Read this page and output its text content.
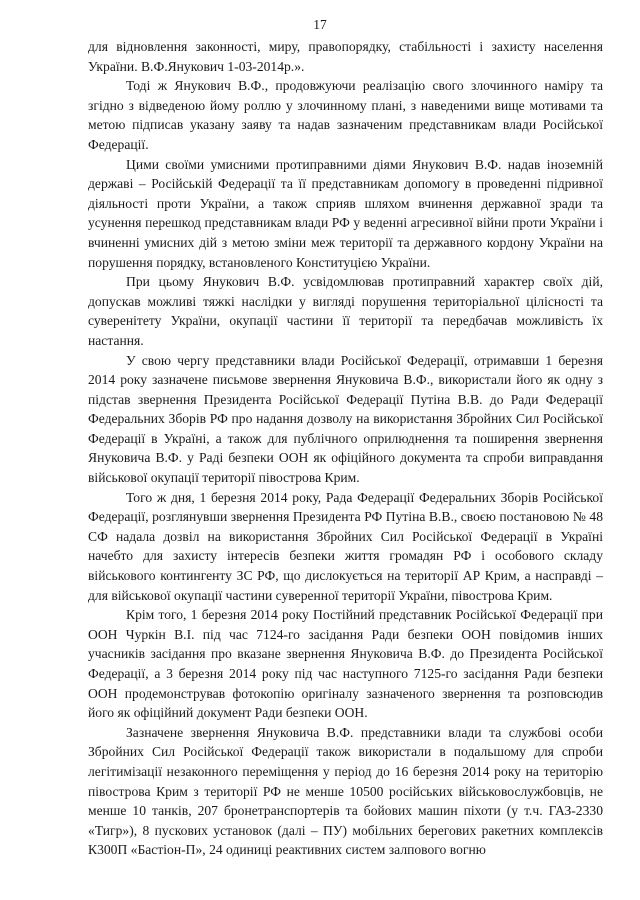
17

для відновлення законності, миру, правопорядку, стабільності і захисту населення України. В.Ф.Янукович 1-03-2014р.».

Тоді ж Янукович В.Ф., продовжуючи реалізацію свого злочинного наміру та згідно з відведеною йому роллю у злочинному плані, з наведеними вище мотивами та метою підписав указану заяву та надав зазначеним представникам влади Російської Федерації.

Цими своїми умисними протиправними діями Янукович В.Ф. надав іноземній державі – Російській Федерації та її представникам допомогу в проведенні підривної діяльності проти України, а також сприяв шляхом вчинення державної зради та усунення перешкод представникам влади РФ у веденні агресивної війни проти України і вчиненні умисних дій з метою зміни меж території та державного кордону України на порушення порядку, встановленого Конституцією України.

При цьому Янукович В.Ф. усвідомлював протиправний характер своїх дій, допускав можливі тяжкі наслідки у вигляді порушення територіальної цілісності та суверенітету України, окупації частини її території та передбачав можливість їх настання.

У свою чергу представники влади Російської Федерації, отримавши 1 березня 2014 року зазначене письмове звернення Януковича В.Ф., використали його як одну з підстав звернення Президента Російської Федерації Путіна В.В. до Ради Федерації Федеральних Зборів РФ про надання дозволу на використання Збройних Сил Російської Федерації в Україні, а також для публічного оприлюднення та поширення звернення Януковича В.Ф. у Раді безпеки ООН як офіційного документа та спроби виправдання військової окупації території півострова Крим.

Того ж дня, 1 березня 2014 року, Рада Федерації Федеральних Зборів Російської Федерації, розглянувши звернення Президента РФ Путіна В.В., своєю постановою № 48 СФ надала дозвіл на використання Збройних Сил Російської Федерації в Україні начебто для захисту інтересів безпеки життя громадян РФ і особового складу військового контингенту ЗС РФ, що дислокується на території АР Крим, а насправді – для військової окупації частини суверенної території України, півострова Крим.

Крім того, 1 березня 2014 року Постійний представник Російської Федерації при ООН Чуркін В.І. під час 7124-го засідання Ради безпеки ООН повідомив інших учасників засідання про вказане звернення Януковича В.Ф. до Президента Російської Федерації, а 3 березня 2014 року під час наступного 7125-го засідання Ради безпеки ООН продемонстрував фотокопію оригіналу зазначеного звернення та розповсюдив його як офіційний документ Ради безпеки ООН.

Зазначене звернення Януковича В.Ф. представники влади та службові особи Збройних Сил Російської Федерації також використали в подальшому для спроби легітимізації незаконного переміщення у період до 16 березня 2014 року на територію півострова Крим з території РФ не менше 10500 російських військовослужбовців, не менше 10 танків, 207 бронетранспортерів та бойових машин піхоти (у т.ч. ГАЗ-2330 «Тигр»), 8 пускових установок (далі – ПУ) мобільних берегових ракетних комплексів К300П «Бастіон-П», 24 одиниці реактивних систем залпового вогню
